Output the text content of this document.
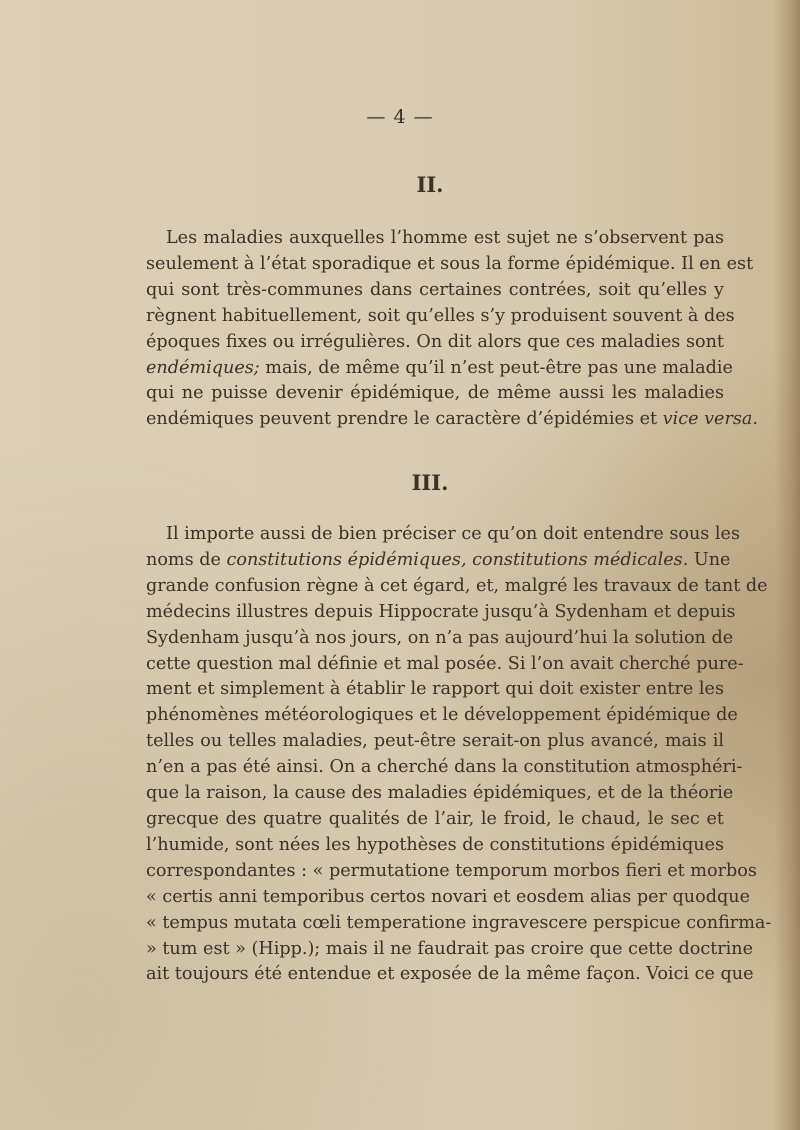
— 4 —
II.
Les maladies auxquelles l’homme est sujet ne s’observent pas
seulement à l’état sporadique et sous la forme épidémique. Il en est
qui sont très-communes dans certaines contrées, soit qu’elles y
règnent habituellement, soit qu’elles s’y produisent souvent à des
époques fixes ou irrégulières. On dit alors que ces maladies sont
endémiques; mais, de même qu’il n’est peut-être pas une maladie
qui ne puisse devenir épidémique, de même aussi les maladies
endémiques peuvent prendre le caractère d’épidémies et vice versa.
III.
Il importe aussi de bien préciser ce qu’on doit entendre sous les
noms de constitutions épidémiques, constitutions médicales. Une
grande confusion règne à cet égard, et, malgré les travaux de tant de
médecins illustres depuis Hippocrate jusqu’à Sydenham et depuis
Sydenham jusqu’à nos jours, on n’a pas aujourd’hui la solution de
cette question mal définie et mal posée. Si l’on avait cherché pure-
ment et simplement à établir le rapport qui doit exister entre les
phénomènes météorologiques et le développement épidémique de
telles ou telles maladies, peut-être serait-on plus avancé, mais il
n’en a pas été ainsi. On a cherché dans la constitution atmosphéri-
que la raison, la cause des maladies épidémiques, et de la théorie
grecque des quatre qualités de l’air, le froid, le chaud, le sec et
l’humide, sont nées les hypothèses de constitutions épidémiques
correspondantes : « permutatione temporum morbos fieri et morbos
« certis anni temporibus certos novari et eosdem alias per quodque
« tempus mutata cœli temperatione ingravescere perspicue confirma-
» tum est » (Hipp.); mais il ne faudrait pas croire que cette doctrine
ait toujours été entendue et exposée de la même façon. Voici ce que
